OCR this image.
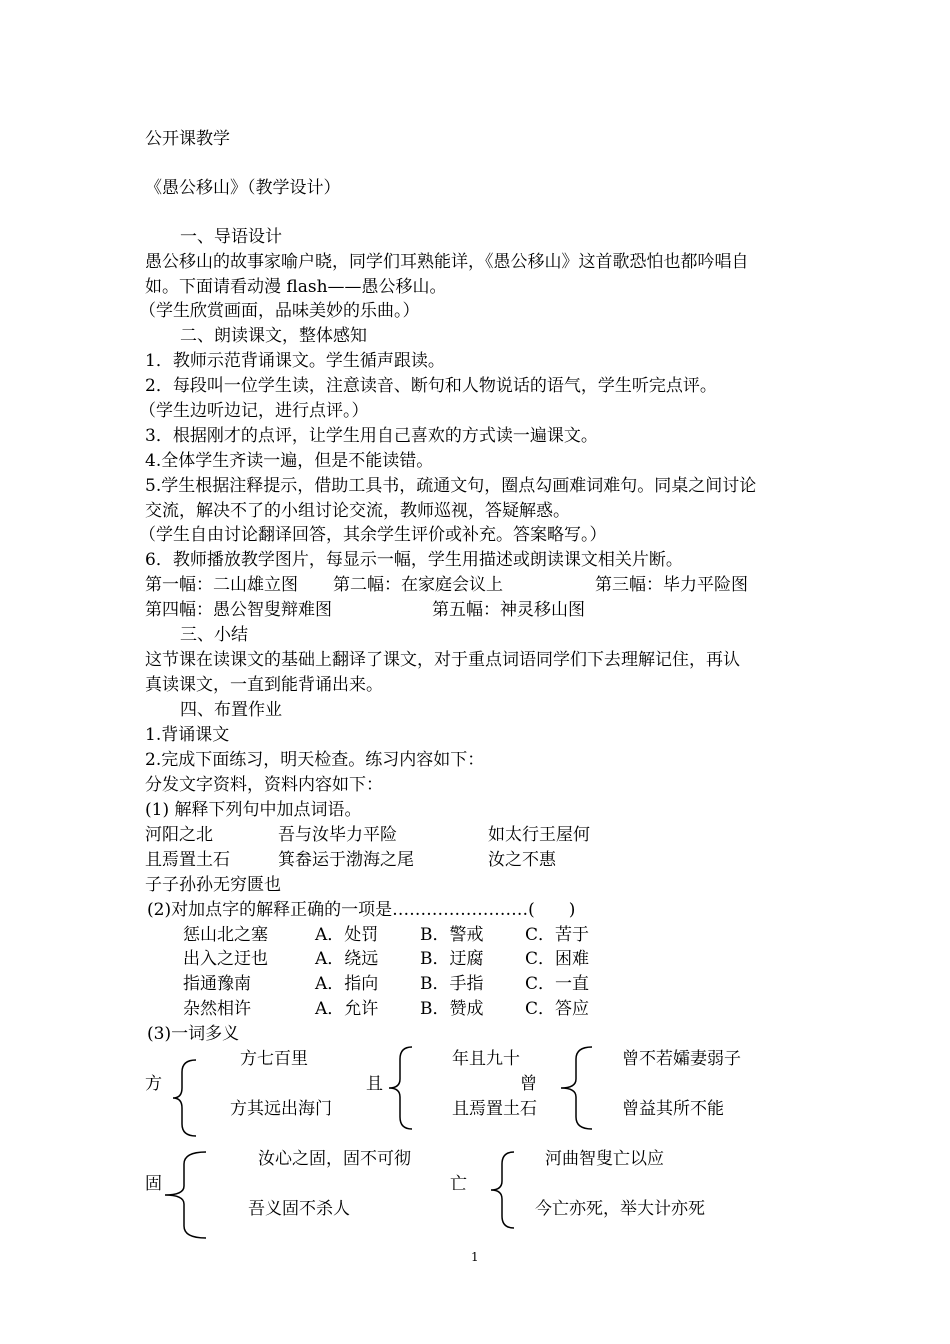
公开课教学
《愚公移山》（教学设计）
一、导语设计
愚公移山的故事家喻户晓，同学们耳熟能详，《愚公移山》这首歌恐怕也都吟唱自
如。下面请看动漫 flash——愚公移山。
（学生欣赏画面，品味美妙的乐曲。）
二、朗读课文，整体感知
1．教师示范背诵课文。学生循声跟读。
2．每段叫一位学生读，注意读音、断句和人物说话的语气，学生听完点评。
（学生边听边记，进行点评。）
3．根据刚才的点评，让学生用自己喜欢的方式读一遍课文。
4.全体学生齐读一遍，但是不能读错。
5.学生根据注释提示，借助工具书，疏通文句，圈点勾画难词难句。同桌之间讨论
交流，解决不了的小组讨论交流，教师巡视，答疑解惑。
（学生自由讨论翻译回答，其余学生评价或补充。答案略写。）
6．教师播放教学图片，每显示一幅，学生用描述或朗读课文相关片断。
第一幅：二山雄立图 第二幅：在家庭会议上	第三幅：毕力平险图
第四幅：愚公智叟辩难图	第五幅：神灵移山图
三、小结
这节课在读课文的基础上翻译了课文，对于重点词语同学们下去理解记住，再认
真读课文，一直到能背诵出来。
四、布置作业
1.背诵课文
2.完成下面练习，明天检查。练习内容如下：
分发文字资料，资料内容如下：
(1) 解释下列句中加点词语。
河阳之北	吾与汝毕力平险	如太行王屋何
且焉置土石	箕畚运于渤海之尾	汝之不惠
子子孙孙无穷匮也
(2)对加点字的解释正确的一项是……………………(　　)
惩山北之塞	A．处罚 B．警戒 C．苦于
出入之迂也	A．绕远 B．迂腐 C．困难
指通豫南	A．指向 B．手指 C．一直
杂然相许	A．允许 B．赞成 C．答应
(3)一词多义
方
方七百里
方其远出海门
且
年且九十
且焉置土石
曾
曾不若孀妻弱子
曾益其所不能
固
汝心之固，固不可彻
吾义固不杀人
亡
河曲智叟亡以应
今亡亦死，举大计亦死
1
